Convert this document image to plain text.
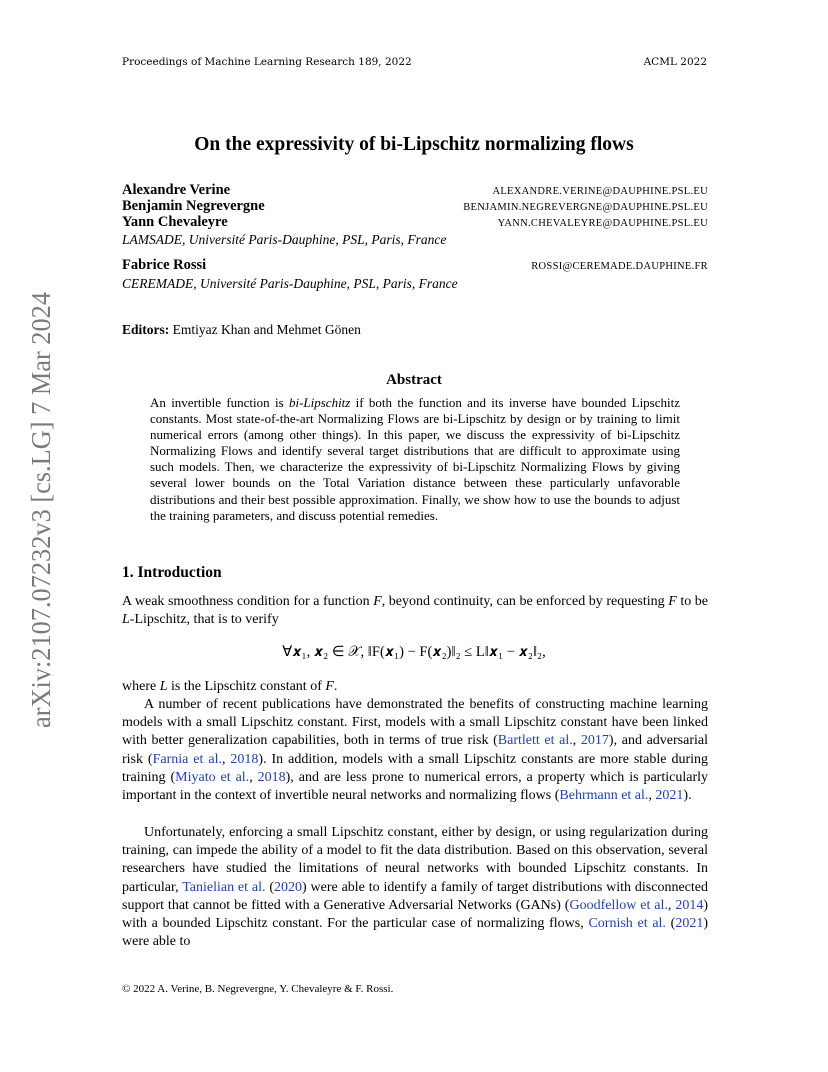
Proceedings of Machine Learning Research 189, 2022	ACML 2022
arXiv:2107.07232v3 [cs.LG] 7 Mar 2024
On the expressivity of bi-Lipschitz normalizing flows
Alexandre Verine	ALEXANDRE.VERINE@DAUPHINE.PSL.EU
Benjamin Negrevergne	BENJAMIN.NEGREVERGNE@DAUPHINE.PSL.EU
Yann Chevaleyre	YANN.CHEVALEYRE@DAUPHINE.PSL.EU
LAMSADE, Université Paris-Dauphine, PSL, Paris, France
Fabrice Rossi	ROSSI@CEREMADE.DAUPHINE.FR
CEREMADE, Université Paris-Dauphine, PSL, Paris, France
Editors: Emtiyaz Khan and Mehmet Gönen
Abstract
An invertible function is bi-Lipschitz if both the function and its inverse have bounded Lipschitz constants. Most state-of-the-art Normalizing Flows are bi-Lipschitz by design or by training to limit numerical errors (among other things). In this paper, we discuss the expressivity of bi-Lipschitz Normalizing Flows and identify several target distributions that are difficult to approximate using such models. Then, we characterize the expressivity of bi-Lipschitz Normalizing Flows by giving several lower bounds on the Total Variation distance between these particularly unfavorable distributions and their best possible approximation. Finally, we show how to use the bounds to adjust the training parameters, and discuss potential remedies.
1. Introduction
A weak smoothness condition for a function F, beyond continuity, can be enforced by requesting F to be L-Lipschitz, that is to verify
∀𝒙₁, 𝒙₂ ∈ 𝒳, ‖F(𝒙₁) − F(𝒙₂)‖₂ ≤ L‖𝒙₁ − 𝒙₂‖₂,
where L is the Lipschitz constant of F.
A number of recent publications have demonstrated the benefits of constructing machine learning models with a small Lipschitz constant. First, models with a small Lipschitz constant have been linked with better generalization capabilities, both in terms of true risk (Bartlett et al., 2017), and adversarial risk (Farnia et al., 2018). In addition, models with a small Lipschitz constants are more stable during training (Miyato et al., 2018), and are less prone to numerical errors, a property which is particularly important in the context of invertible neural networks and normalizing flows (Behrmann et al., 2021).
Unfortunately, enforcing a small Lipschitz constant, either by design, or using regularization during training, can impede the ability of a model to fit the data distribution. Based on this observation, several researchers have studied the limitations of neural networks with bounded Lipschitz constants. In particular, Tanielian et al. (2020) were able to identify a family of target distributions with disconnected support that cannot be fitted with a Generative Adversarial Networks (GANs) (Goodfellow et al., 2014) with a bounded Lipschitz constant. For the particular case of normalizing flows, Cornish et al. (2021) were able to
© 2022 A. Verine, B. Negrevergne, Y. Chevaleyre & F. Rossi.
